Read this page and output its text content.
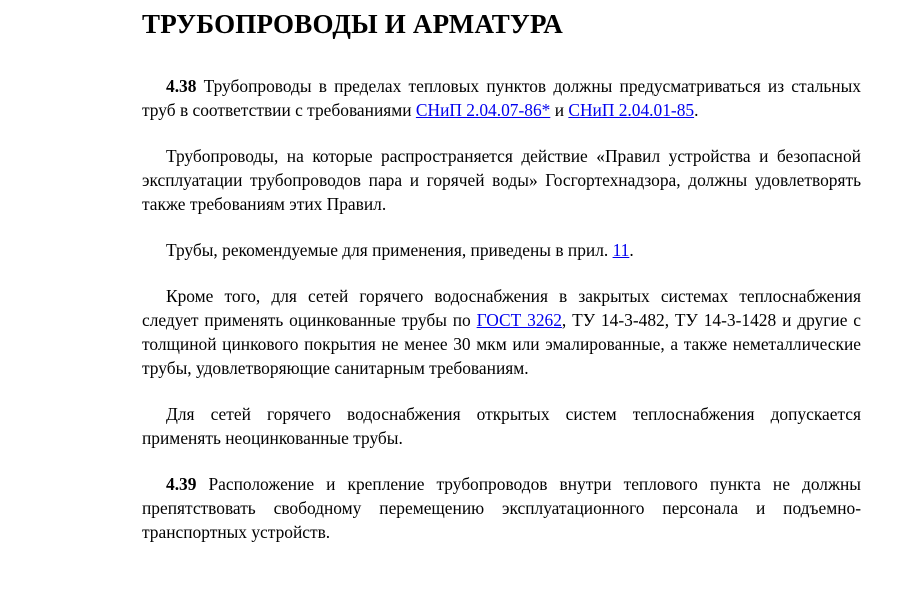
ТРУБОПРОВОДЫ И АРМАТУРА

4.38 Трубопроводы в пределах тепловых пунктов должны предусматриваться из стальных труб в соответствии с требованиями СНиП 2.04.07-86* и СНиП 2.04.01-85.

Трубопроводы, на которые распространяется действие «Правил устройства и безопасной эксплуатации трубопроводов пара и горячей воды» Госгортехнадзора, должны удовлетворять также требованиям этих Правил.

Трубы, рекомендуемые для применения, приведены в прил. 11.

Кроме того, для сетей горячего водоснабжения в закрытых системах теплоснабжения следует применять оцинкованные трубы по ГОСТ 3262, ТУ 14-3-482, ТУ 14-3-1428 и другие с толщиной цинкового покрытия не менее 30 мкм или эмалированные, а также неметаллические трубы, удовлетворяющие санитарным требованиям.

Для сетей горячего водоснабжения открытых систем теплоснабжения допускается применять неоцинкованные трубы.

4.39 Расположение и крепление трубопроводов внутри теплового пункта не должны препятствовать свободному перемещению эксплуатационного персонала и подъемно-транспортных устройств.
